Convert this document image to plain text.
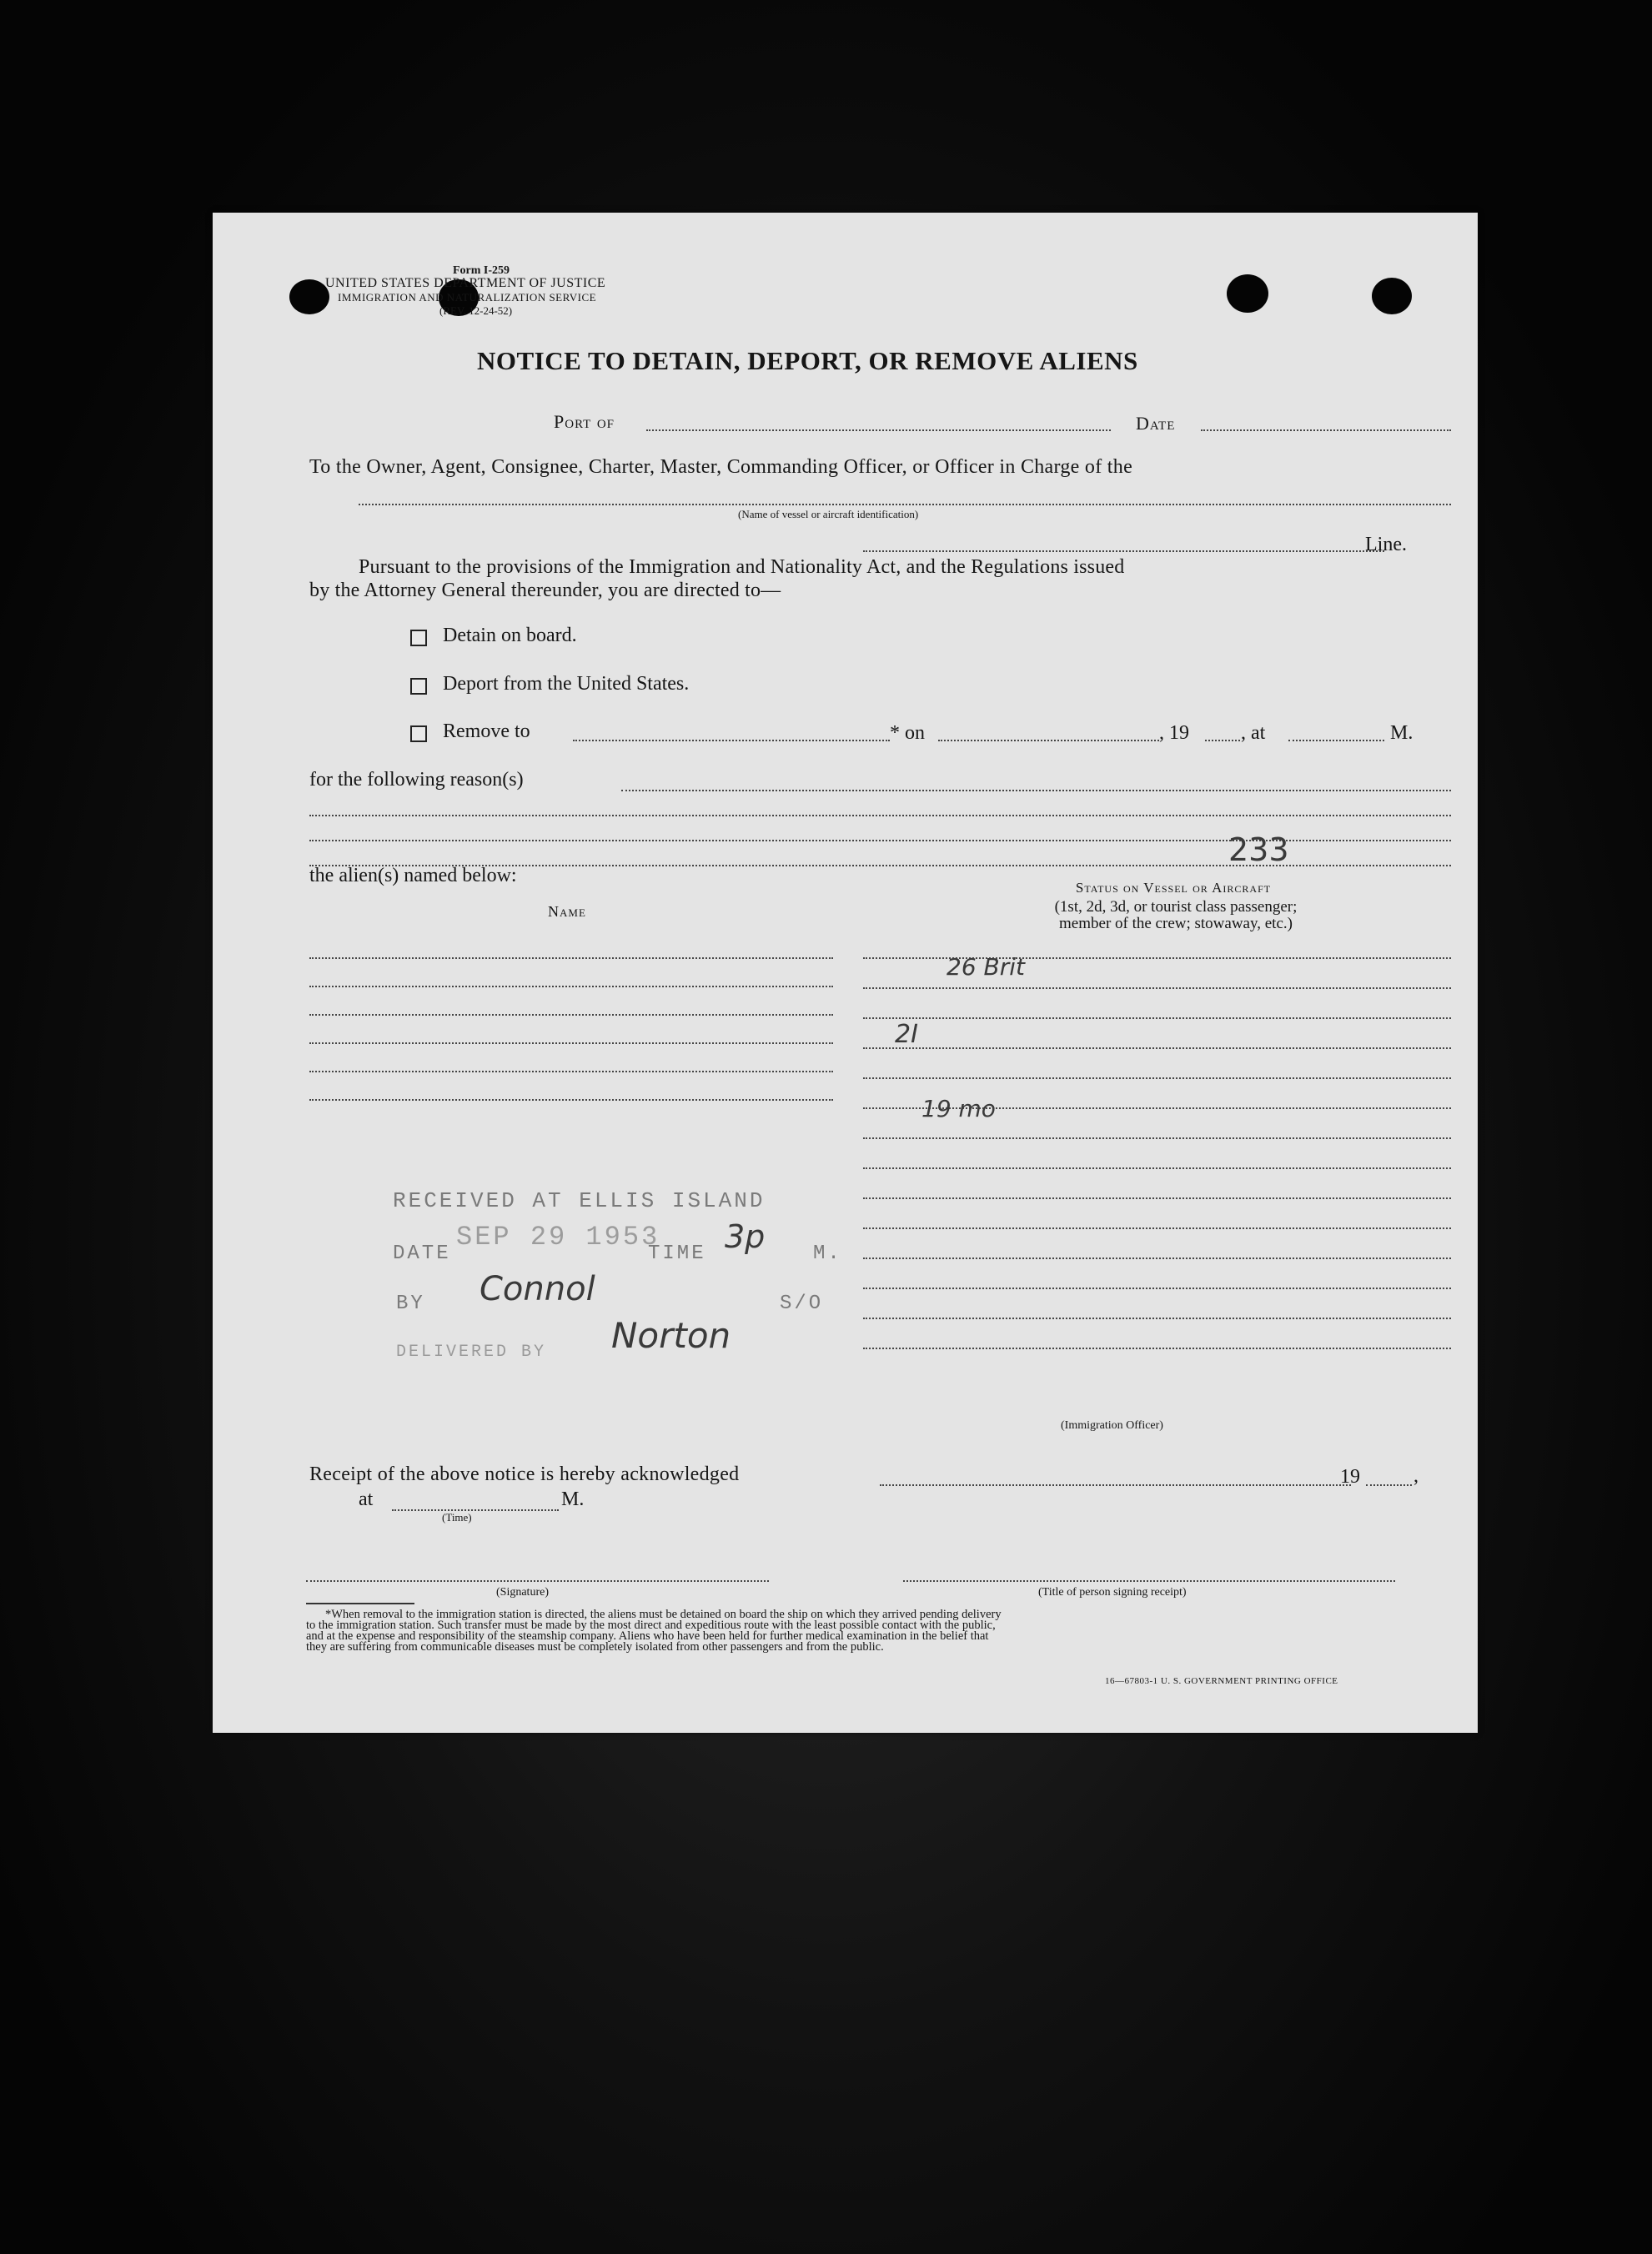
Form I-259
UNITED STATES DEPARTMENT OF JUSTICE
IMMIGRATION AND NATURALIZATION SERVICE
(REV. 12-24-52)
NOTICE TO DETAIN, DEPORT, OR REMOVE ALIENS
Port of	Date
To the Owner, Agent, Consignee, Charter, Master, Commanding Officer, or Officer in Charge of the
(Name of vessel or aircraft identification)
Line.
Pursuant to the provisions of the Immigration and Nationality Act, and the Regulations issued
by the Attorney General thereunder, you are directed to—
Detain on board.
Deport from the United States.
Remove to	* on	, 19	, at	M.
for the following reason(s)
233
the alien(s) named below:
Name
Status on Vessel or Aircraft
(1st, 2d, 3d, or tourist class passenger;
member of the crew; stowaway, etc.)
26 Brit
2I
19 mo
RECEIVED AT ELLIS ISLAND
DATE
SEP 29 1953
TIME 3p M.
BY Connol	S/O
DELIVERED BY Norton
(Immigration Officer)
Receipt of the above notice is hereby acknowledged	19	,
at	M.
(Time)
(Signature)	(Title of person signing receipt)
*When removal to the immigration station is directed, the aliens must be detained on board the ship on which they arrived pending delivery
to the immigration station. Such transfer must be made by the most direct and expeditious route with the least possible contact with the public,
and at the expense and responsibility of the steamship company. Aliens who have been held for further medical examination in the belief that
they are suffering from communicable diseases must be completely isolated from other passengers and from the public.
16—67803-1 U. S. GOVERNMENT PRINTING OFFICE
